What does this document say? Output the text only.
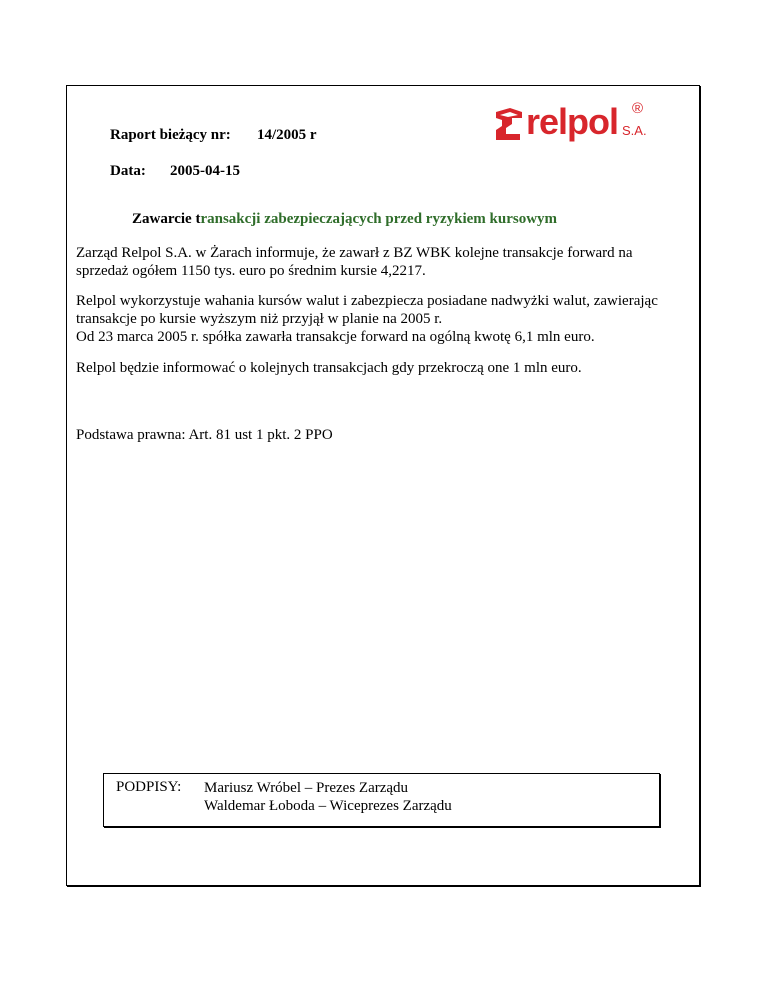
Raport bieżący nr: 14/2005 r
Data: 2005-04-15
relpol ®
S.A.
Zawarcie transakcji zabezpieczających przed ryzykiem kursowym
Zarząd Relpol S.A. w Żarach informuje, że zawarł z BZ WBK kolejne transakcje forward na
sprzedaż ogółem 1150 tys. euro po średnim kursie 4,2217.
Relpol wykorzystuje wahania kursów walut i zabezpiecza posiadane nadwyżki walut, zawierając
transakcje po kursie wyższym niż przyjął w planie na 2005 r.
Od 23 marca 2005 r. spółka zawarła transakcje forward na ogólną kwotę 6,1 mln euro.
Relpol będzie informować o kolejnych transakcjach gdy przekroczą one 1 mln euro.
Podstawa prawna: Art. 81 ust 1 pkt. 2 PPO
PODPISY: Mariusz Wróbel – Prezes Zarządu
Waldemar Łoboda – Wiceprezes Zarządu
